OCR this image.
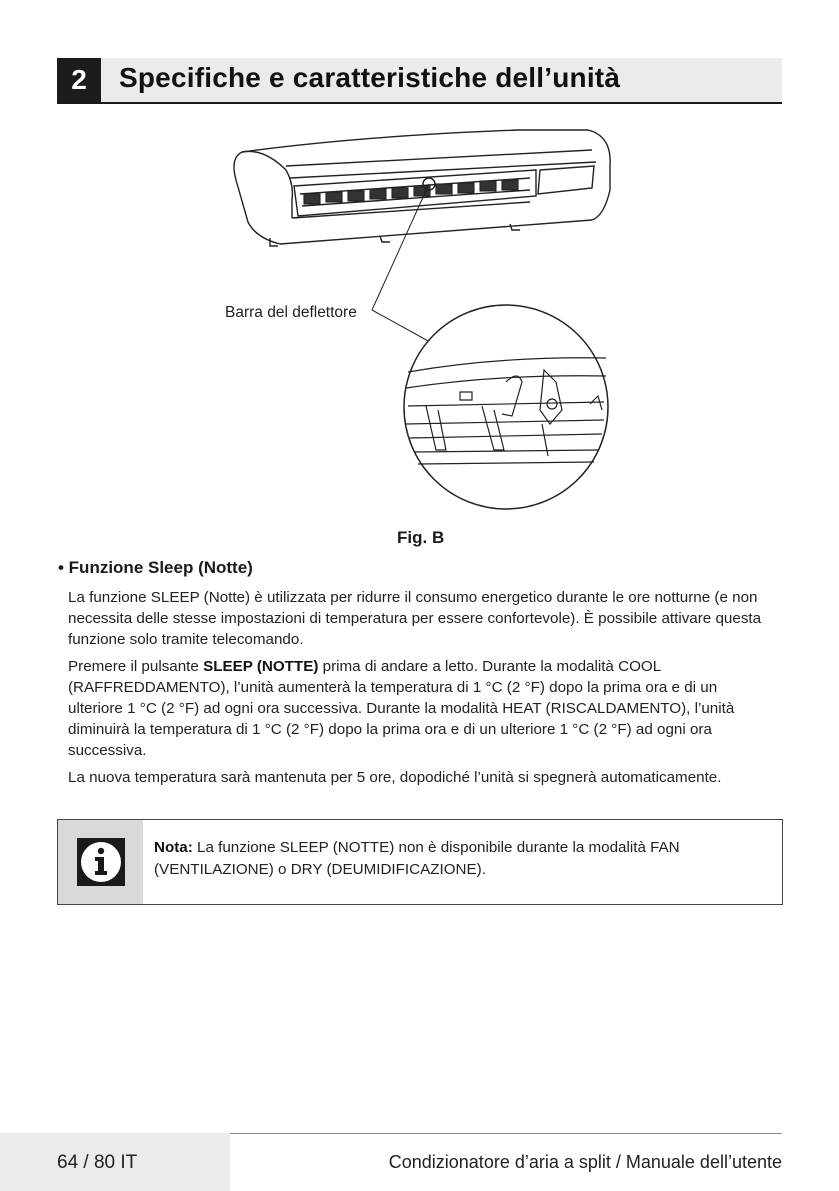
2	Specifiche e caratteristiche dell’unità
Barra del deflettore
Fig. B
• Funzione Sleep (Notte)

La funzione SLEEP (Notte) è utilizzata per ridurre il consumo energetico durante le ore notturne (e non necessita delle stesse impostazioni di temperatura per essere confortevole). È possibile attivare questa funzione solo tramite telecomando.

Premere il pulsante SLEEP (NOTTE) prima di andare a letto. Durante la modalità COOL (RAFFREDDAMENTO), l’unità aumenterà la temperatura di 1 °C (2 °F) dopo la prima ora e di un ulteriore 1 °C (2 °F) ad ogni ora successiva. Durante la modalità HEAT (RISCALDAMENTO), l’unità diminuirà la temperatura di 1 °C (2 °F) dopo la prima ora e di un ulteriore 1 °C (2 °F) ad ogni ora successiva.

La nuova temperatura sarà mantenuta per 5 ore, dopodiché l’unità si spegnerà automaticamente.

Nota: La funzione SLEEP (NOTTE) non è disponibile durante la modalità FAN (VENTILAZIONE) o DRY (DEUMIDIFICAZIONE).
64 / 80 IT	Condizionatore d’aria a split / Manuale dell’utente
